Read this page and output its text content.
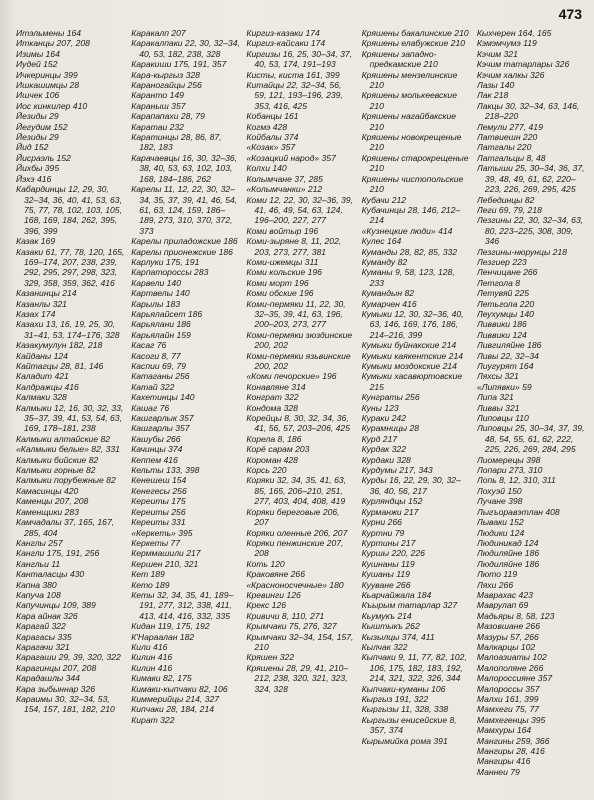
473
Итэльмены 164
Итканцы 207, 208
Изимы 164
Иудей 152
Ичкеринцы 399
Ишкашимцы 28
Ишчек 106
Иос кинкилер 410
Йезиды 29
Йегудим 152
Йезиды 29
Йид 152
Йисраэль 152
Йихбы 395
Йэхэ 416
Кабардинцы 12, 29, 30, 32–34, 36, 40, 41, 53, 63, 75, 77, 78, 102, 103, 105, 168, 169, 184, 262, 395, 396, 399
Казак 169
Казаки 61, 77, 78, 120, 165, 169–174, 207, 238, 239, 292, 295, 297, 298, 323, 329, 358, 359, 362, 416
Казанинцы 214
Казанлы 321
Казах 174
Казахи 13, 16, 19, 25, 30, 31–41, 53, 174–176, 328
Казакумулун 182, 218
Кайданы 124
Кайтагцы 28, 81, 146
Каладит 421
Калдражцы 416
Калмаки 328
Калмыки 12, 16, 30, 32, 33, 35–37, 39, 41, 53, 54, 63, 169, 178–181, 238
Калмыки алтайские 82
«Калмыки белые» 82, 331
Калмыки бийские 82
Калмыки горные 82
Калмыки порубежные 82
Камасинцы 420
Каменцы 207, 208
Каменщики 283
Камчадалы 37, 165, 167, 285, 404
Канглы 257
Кангли 175, 191, 256
Кангльи 11
Канталасцы 430
Капна 380
Капуча 108
Капучинцы 109, 389
Кара айнак 326
Карагай 322
Карагасы 335
Карагачи 321
Карагаши 29, 39, 320, 322
Карагинцы 207, 208
Карадашлы 344
Кара зыбыннар 326
Караимы 30, 32–34, 53, 154, 157, 181, 182, 210
Каракалп 207
Каракалпаки 22, 30, 32–34, 40, 53, 182, 238, 328
Каракиши 175, 191, 357
Кара-кыргыз 328
Караногайцы 256
Каранто 149
Караныш 357
Карапапахи 28, 79
Каратаи 232
Каратинцы 28, 86, 87, 182, 183
Карачаевцы 16, 30, 32–36, 38, 40, 53, 63, 102, 103, 168, 184–186, 262
Карелы 11, 12, 22, 30, 32–34, 35, 37, 39, 41, 46, 54, 61, 63, 124, 159, 186–189, 273, 310, 370, 372, 373
Карелы приладожские 186
Карелы прионежские 186
Карлуки 175, 191
Карпатороссы 283
Карвели 140
Картвелы 140
Карылы 183
Карьялайсет 186
Карьялани 186
Карьялайн 159
Касаг 76
Касоги 8, 77
Каспии 69, 79
Катаганы 256
Катай 322
Кахетинцы 140
Кашаг 76
Кашгарлык 357
Кашгарлы 357
Кашубы 266
Качинцы 374
Кеппем 416
Кельты 133, 398
Кенешеш 154
Кенегесы 256
Кереиты 175
Кереиты 256
Кереиты 331
«Керкеть» 395
Керкеты 77
Керммашили 217
Кершен 210, 321
Кет 189
Кето 189
Кеты 32, 34, 35, 41, 189–191, 277, 312, 338, 411, 413, 414, 416, 332, 335
Кидан 119, 175, 192
К'Нараалан 182
Кили 416
Килин 416
Килин 416
Кимаки 82, 175
Кимаки-кыпчаки 82, 106
Киммерийцы 214, 327
Кипчаки 28, 184, 214
Кират 322
Киргиз-казаки 174
Киргиз-кайсаки 174
Киргизы 16, 25, 30–34, 37, 40, 53, 174, 191–193
Кисты, киста 161, 399
Китайцы 22, 32–34, 56, 59, 121, 193–196, 239, 353, 416, 425
Кобанцы 161
Когмэ 428
Койбалы 374
«Козак» 357
«Козацкий народ» 357
Колхи 140
Колымчане 37, 285
«Колымчанки» 212
Коми 12, 22, 30, 32–36, 39, 41, 46, 49, 54, 63, 124, 196–200, 227, 277
Коми войтыр 196
Коми-зыряне 8, 11, 202, 203, 273, 277, 381
Коми-ижемцы 311
Коми кольские 196
Коми морт 196
Коми обские 196
Коми-пермяки 11, 22, 30, 32–35, 39, 41, 63, 196, 200–203, 273, 277
Коми-пермяки зюздинские 200, 202
Коми-пермяки язьвинские 200, 202
«Коми печорские» 196
Конавляне 314
Конграт 322
Кондома 328
Корейцы 8, 30, 32, 34, 36, 41, 56, 57, 203–206, 425
Корела 8, 186
Корё сарам 203
Короман 428
Корсь 220
Коряки 32, 34, 35, 41, 63, 85, 165, 206–210, 251, 277, 403, 404, 408, 419
Коряки береговые 206, 207
Коряки оленные 206, 207
Коряки пенжинские 207, 208
Коть 120
Краковяне 266
«Красноносчечные» 180
Кревинги 126
Крекс 126
Кривичи 8, 110, 271
Крымчаки 75, 276, 327
Крымчаки 32–34, 154, 157, 210
Кряшен 322
Кряшены 28, 29, 41, 210–212, 238, 320, 321, 323, 324, 328
Кряшены бакалинские 210
Кряшены елабужские 210
Кряшены западно-предкамские 210
Кряшены мензелинские 210
Кряшены молькеевские 210
Кряшены нагайбакские 210
Кряшены новокрещеные 210
Кряшены старокрещеные 210
Кряшены чистопольские 210
Кубачи 212
Кубачинцы 28, 146, 212–214
«Кузнецкие люди» 414
Кулес 164
Куманды 28, 82, 85, 332
Куманду 82
Куманы 9, 58, 123, 128, 233
Кумандын 82
Кумарчен 416
Кумыки 12, 30, 32–36, 40, 63, 146, 169, 176, 186, 214–216, 399
Кумыки буйнакские 214
Кумыки каякентские 214
Кумыки моздокские 214
Кумыки хасавюртовские 215
Кунграты 256
Куны 123
Кураки 242
Курамницы 28
Курд 217
Курдак 322
Курдаки 328
Курдумы 217, 343
Курды 16, 22, 29, 30, 32–36, 40, 56, 217
Курляндцы 152
Курманжи 217
Курни 266
Куртни 79
Куртины 217
Куршы 220, 226
Кушнаны 119
Кушаны 119
Кууване 266
Кьарчайжала 184
Къырым татарлар 327
Кьумукъ 214
Кыштыкъ 262
Кызылцы 374, 411
Кылчак 322
Кыпчаки 9, 11, 77, 82, 102, 106, 175, 182, 183, 192, 214, 321, 322, 326, 344
Кыпчаки-куманы 106
Кыргыз 191, 322
Кыргызы 11, 328, 338
Кыргызы енисейские 8, 357, 374
Кырымийка рома 391
Кыхчерен 164, 165
Кэмэмчумэ 119
Кэчим 321
Кэчим татарлары 326
Кэчим халкы 326
Лазы 140
Лак 218
Лакцы 30, 32–34, 63, 146, 218–220
Лемули 277, 419
Латвиешн 220
Латгалы 220
Латгальцы 8, 48
Латыши 25, 30–34, 36, 37, 39, 48, 49, 61, 62, 220–223, 226, 269, 295, 425
Лебединцы 82
Леги 69, 79, 218
Лезгины 22, 30, 32–34, 63, 80, 223–225, 308, 309, 346
Лезгины-нюрунцы 218
Лезгиер 223
Ленчицане 266
Летгола 8
Летувяй 225
Летьгола 220
Леухумцы 140
Ливвики 186
Ливвики 124
Ливгиляйне 186
Ливы 22, 32–34
Лиугурят 164
Ляхсы 321
«Липявки» 59
Липа 321
Ливвы 321
Липовцы 110
Липовцы 25, 30–34, 37, 39, 48, 54, 55, 61, 62, 222, 225, 226, 269, 284, 295
Лиомерецы 398
Лопари 273, 310
Лопь 8, 12, 310, 311
Лохуэй 150
Лучане 398
Лыгъоравэтлан 408
Лываки 152
Людики 124
Людиникад 124
Людиляйне 186
Людиляйне 186
Люто 119
Ляхи 266
Маврахас 423
Маврулап 69
Мадьяры 8, 58, 123
Мазовшане 266
Мазуры 57, 266
Малкарцы 102
Малоазиаты 102
Малополяне 266
Малороссияне 357
Малороссы 357
Малхи 161, 399
Мамхеги 75, 77
Мамхегенцы 395
Мамхуры 164
Мангины 259, 366
Мангиры 28, 416
Мангиры 416
Маннеи 79
